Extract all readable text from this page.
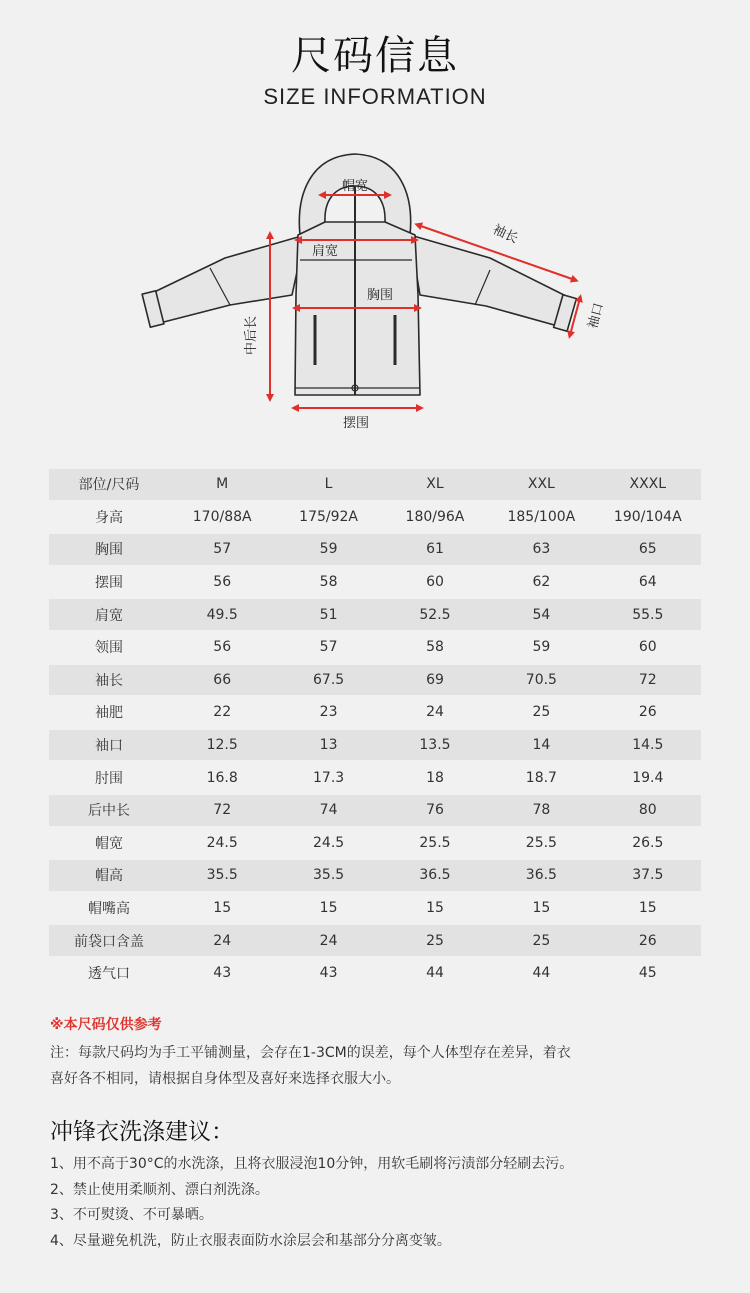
尺码信息
SIZE INFORMATION
帽宽
肩宽
袖长
胸围
袖口
中后长
摆围
部位/尺码	M	L	XL	XXL	XXXL
身高	170/88A	175/92A	180/96A	185/100A	190/104A
胸围	57	59	61	63	65
摆围	56	58	60	62	64
肩宽	49.5	51	52.5	54	55.5
领围	56	57	58	59	60
袖长	66	67.5	69	70.5	72
袖肥	22	23	24	25	26
袖口	12.5	13	13.5	14	14.5
肘围	16.8	17.3	18	18.7	19.4
后中长	72	74	76	78	80
帽宽	24.5	24.5	25.5	25.5	26.5
帽高	35.5	35.5	36.5	36.5	37.5
帽嘴高	15	15	15	15	15
前袋口含盖	24	24	25	25	26
透气口	43	43	44	44	45
※本尺码仅供参考
注：每款尺码均为手工平铺测量，会存在1-3CM的误差，每个人体型存在差异，着衣
喜好各不相同，请根据自身体型及喜好来选择衣服大小。
冲锋衣洗涤建议：
1、用不高于30°C的水洗涤，且将衣服浸泡10分钟，用软毛刷将污渍部分轻刷去污。
2、禁止使用柔顺剂、漂白剂洗涤。
3、不可熨烫、不可暴晒。
4、尽量避免机洗，防止衣服表面防水涂层会和基部分分离变皱。
